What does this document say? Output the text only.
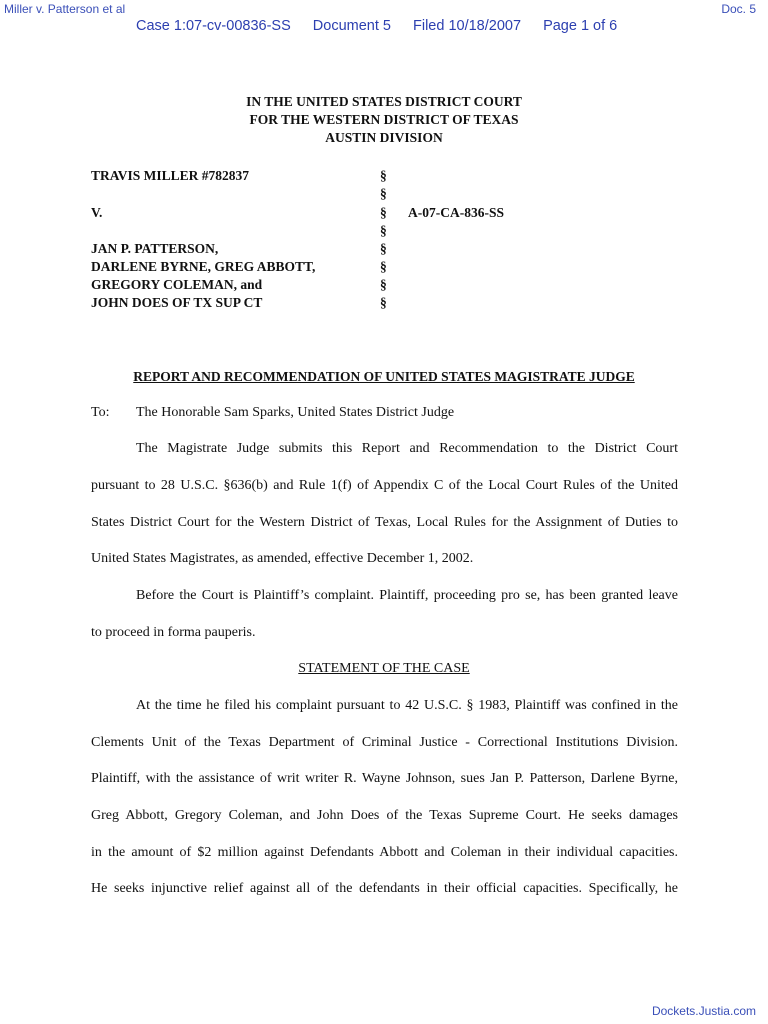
Miller v. Patterson et al	Doc. 5
Case 1:07-cv-00836-SS Document 5 Filed 10/18/2007 Page 1 of 6
IN THE UNITED STATES DISTRICT COURT
FOR THE WESTERN DISTRICT OF TEXAS
AUSTIN DIVISION
TRAVIS MILLER #782837
V.
JAN P. PATTERSON,
DARLENE BYRNE, GREG ABBOTT,
GREGORY COLEMAN, and
JOHN DOES OF TX SUP CT
§
§
§
§
§
§
§
§
A-07-CA-836-SS
REPORT AND RECOMMENDATION OF UNITED STATES MAGISTRATE JUDGE
To: The Honorable Sam Sparks, United States District Judge
The Magistrate Judge submits this Report and Recommendation to the District Court
pursuant to 28 U.S.C. §636(b) and Rule 1(f) of Appendix C of the Local Court Rules of the United
States District Court for the Western District of Texas, Local Rules for the Assignment of Duties to
United States Magistrates, as amended, effective December 1, 2002.
Before the Court is Plaintiff’s complaint. Plaintiff, proceeding pro se, has been granted leave
to proceed in forma pauperis.
STATEMENT OF THE CASE
At the time he filed his complaint pursuant to 42 U.S.C. § 1983, Plaintiff was confined in the
Clements Unit of the Texas Department of Criminal Justice - Correctional Institutions Division.
Plaintiff, with the assistance of writ writer R. Wayne Johnson, sues Jan P. Patterson, Darlene Byrne,
Greg Abbott, Gregory Coleman, and John Does of the Texas Supreme Court. He seeks damages
in the amount of $2 million against Defendants Abbott and Coleman in their individual capacities.
He seeks injunctive relief against all of the defendants in their official capacities. Specifically, he
Dockets.Justia.com
